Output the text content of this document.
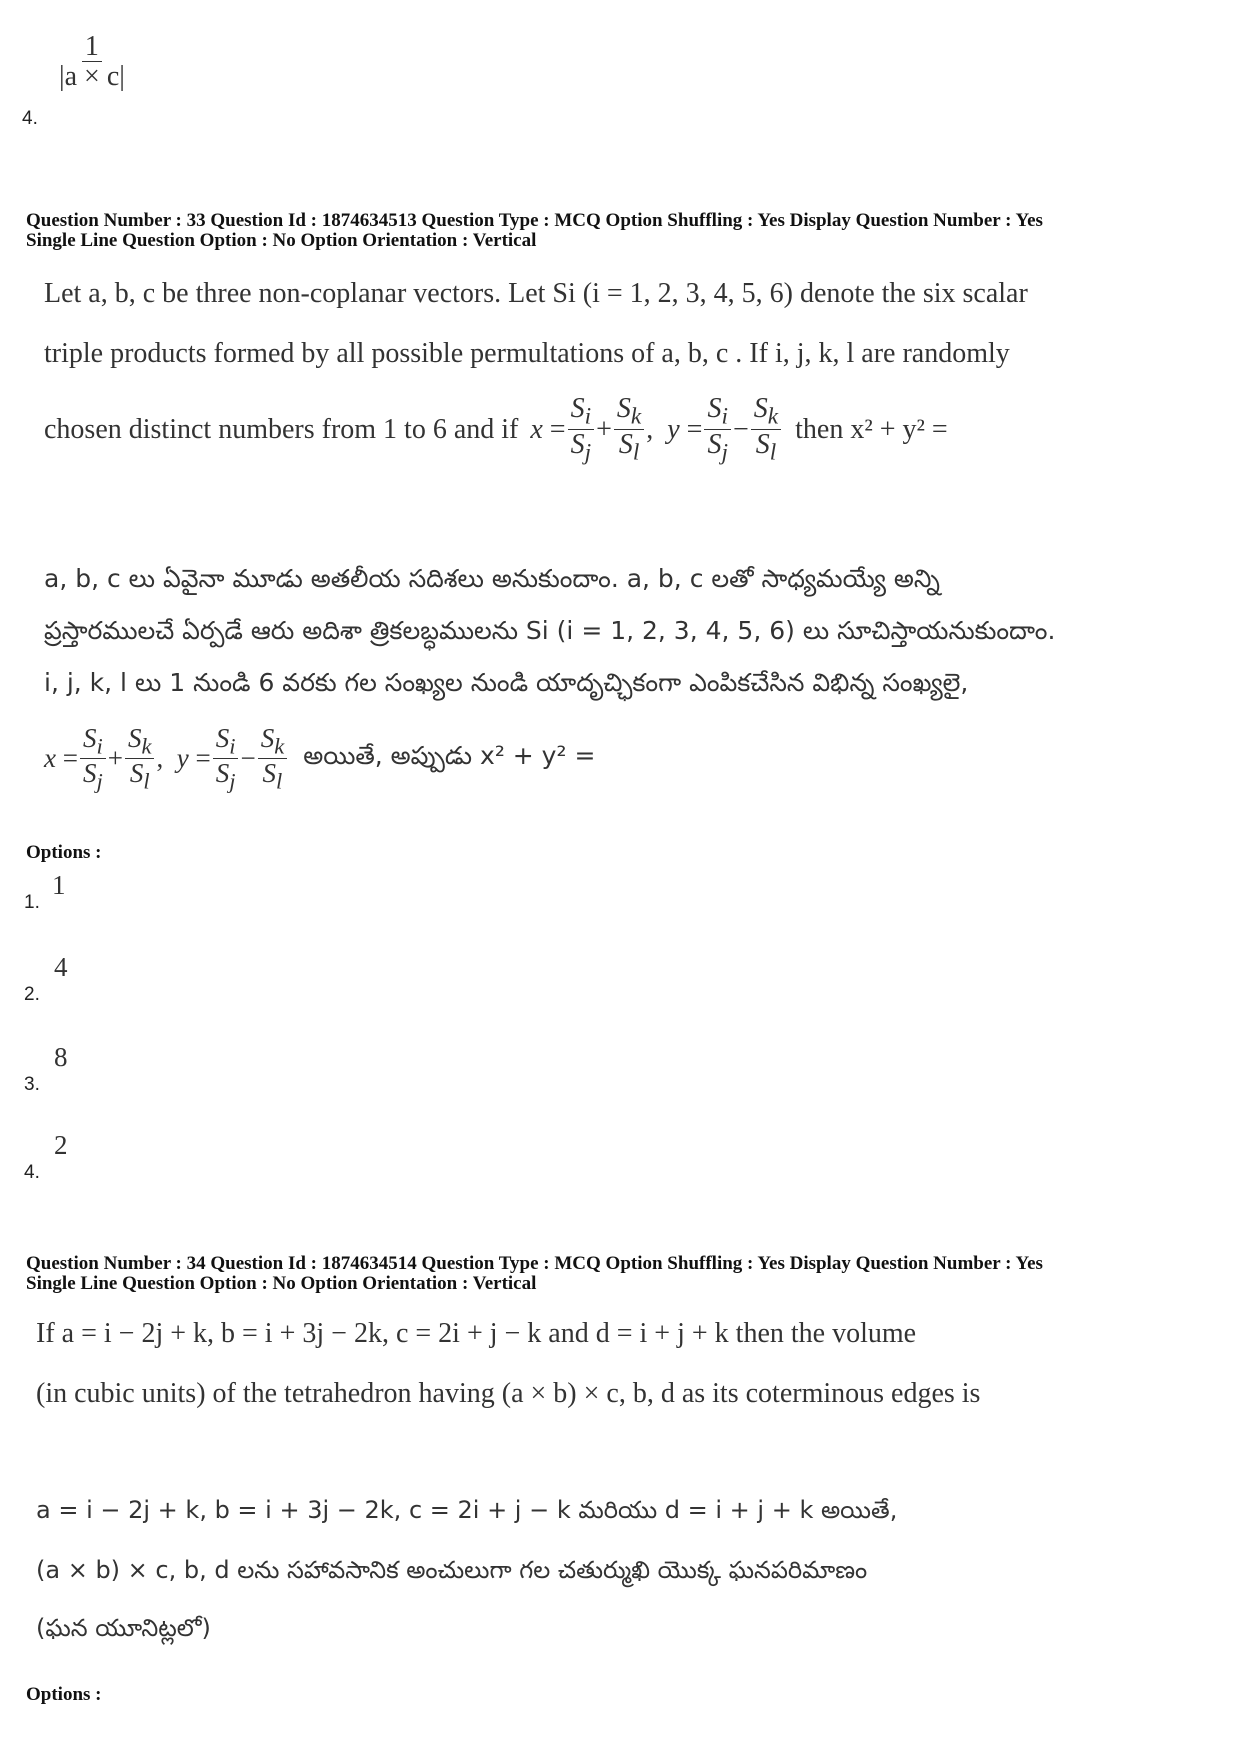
4.
$\frac{1}{|a \times c|}$
Question Number : 33 Question Id : 1874634513 Question Type : MCQ Option Shuffling : Yes Display Question Number : Yes
Single Line Question Option : No Option Orientation : Vertical
Let a, b, c be three non-coplanar vectors. Let Si (i = 1, 2, 3, 4, 5, 6) denote the six scalar
triple products formed by all possible permultations of a, b, c . If i, j, k, l are randomly
chosen distinct numbers from 1 to 6 and if $x = \frac{S_i}{S_j} + \frac{S_k}{S_l}$ , $y = \frac{S_i}{S_j} - \frac{S_k}{S_l}$ then x² + y² =
a, b, c లు ఏవైనా మూడు అతలీయ సదిశలు అనుకుందాం. a, b, c లతో సాధ్యమయ్యే అన్ని
ప్రస్తారములచే ఏర్పడే ఆరు అదిశా త్రికలబ్ధములను Si (i = 1, 2, 3, 4, 5, 6) లు సూచిస్తాయనుకుందాం.
i, j, k, l లు 1 నుండి 6 వరకు గల సంఖ్యల నుండి యాదృచ్ఛికంగా ఎంపికచేసిన విభిన్న సంఖ్యలై,
$x = \frac{S_i}{S_j} + \frac{S_k}{S_l}$ , $y = \frac{S_i}{S_j} - \frac{S_k}{S_l}$ అయితే, అప్పుడు x² + y² =
Options :
1.
1
2.
4
3.
8
4.
2
Question Number : 34 Question Id : 1874634514 Question Type : MCQ Option Shuffling : Yes Display Question Number : Yes
Single Line Question Option : No Option Orientation : Vertical
If a = i − 2j + k, b = i + 3j − 2k, c = 2i + j − k and d = i + j + k then the volume
(in cubic units) of the tetrahedron having (a × b) × c, b, d as its coterminous edges is
a = i − 2j + k, b = i + 3j − 2k, c = 2i + j − k మరియు d = i + j + k అయితే,
(a × b) × c, b, d లను సహావసానిక అంచులుగా గల చతుర్ముఖి యొక్క ఘనపరిమాణం
(ఘన యూనిట్లలో)
Options :
